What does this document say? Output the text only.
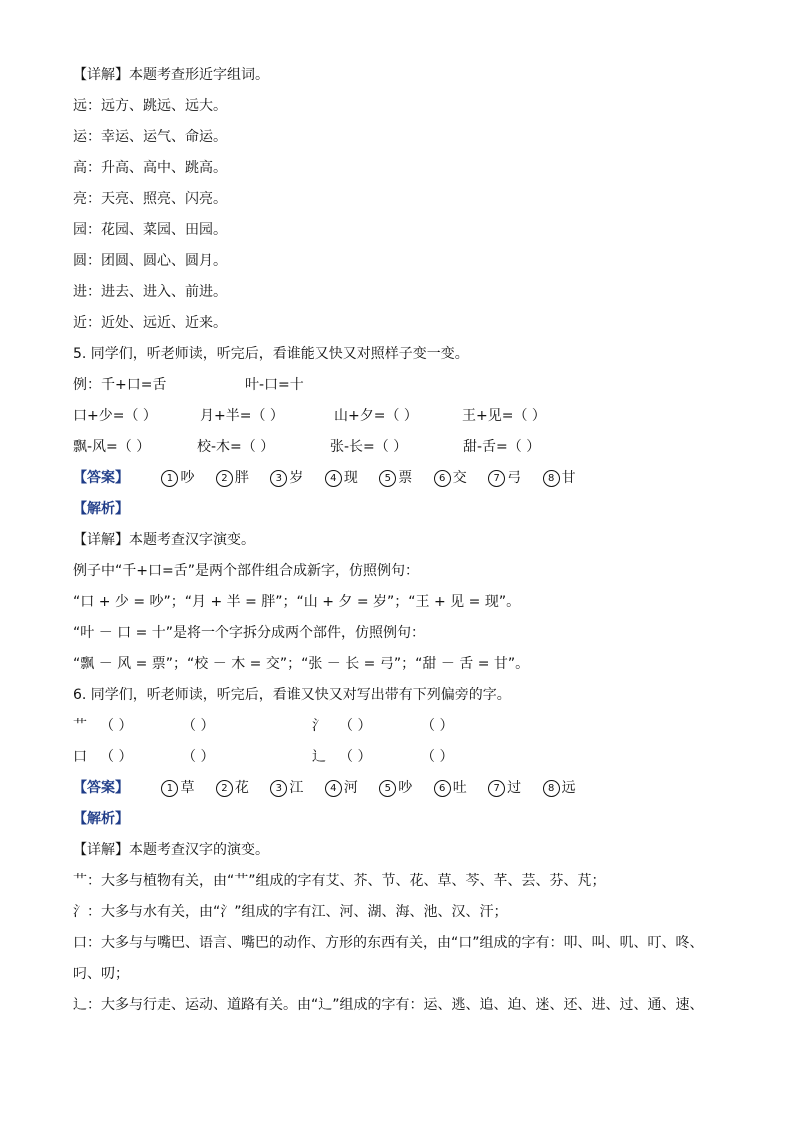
【详解】本题考查形近字组词。
远：远方、跳远、远大。
运：幸运、运气、命运。
高：升高、高中、跳高。
亮：天亮、照亮、闪亮。
园：花园、菜园、田园。
圆：团圆、圆心、圆月。
进：进去、进入、前进。
近：近处、远近、近来。
5. 同学们，听老师读，听完后，看谁能又快又对照样子变一变。
例：千+口=舌	叶-口=十
口+少=（ ）	月+半=（ ）	山+夕=（ ）	王+见=（ ）
飘-风=（ ）	校-木=（ ）	张-长=（ ）	甜-舌=（ ）
【答案】	1 吵	2 胖	3 岁	4 现	5 票	6 交	7 弓	8 甘
【解析】
【详解】本题考查汉字演变。
例子中“千+口=舌”是两个部件组合成新字，仿照例句：
“口 + 少 = 吵”；“月 + 半 = 胖”；“山 + 夕 = 岁”；“王 + 见 = 现”。
“叶 － 口 = 十”是将一个字拆分成两个部件，仿照例句：
“飘 － 风 = 票”；“校 － 木 = 交”；“张 － 长 = 弓”；“甜 － 舌 = 甘”。
6. 同学们，听老师读，听完后，看谁又快又对写出带有下列偏旁的字。
艹 （ ）	（ ）	氵 （ ）	（ ）
口 （ ）	（ ）	辶 （ ）	（ ）
【答案】	1 草	2 花	3 江	4 河	5 吵	6 吐	7 过	8 远
【解析】
【详解】本题考查汉字的演变。
艹：大多与植物有关，由“艹”组成的字有艾、芥、节、花、草、芩、芊、芸、芬、芃；
氵：大多与水有关，由“氵”组成的字有江、河、湖、海、池、汉、汗；
口：大多与与嘴巴、语言、嘴巴的动作、方形的东西有关，由“口”组成的字有：叩、叫、叽、叮、咚、
叼、叨；
辶：大多与行走、运动、道路有关。由“辶”组成的字有：运、逃、追、迫、迷、还、进、过、通、速、
